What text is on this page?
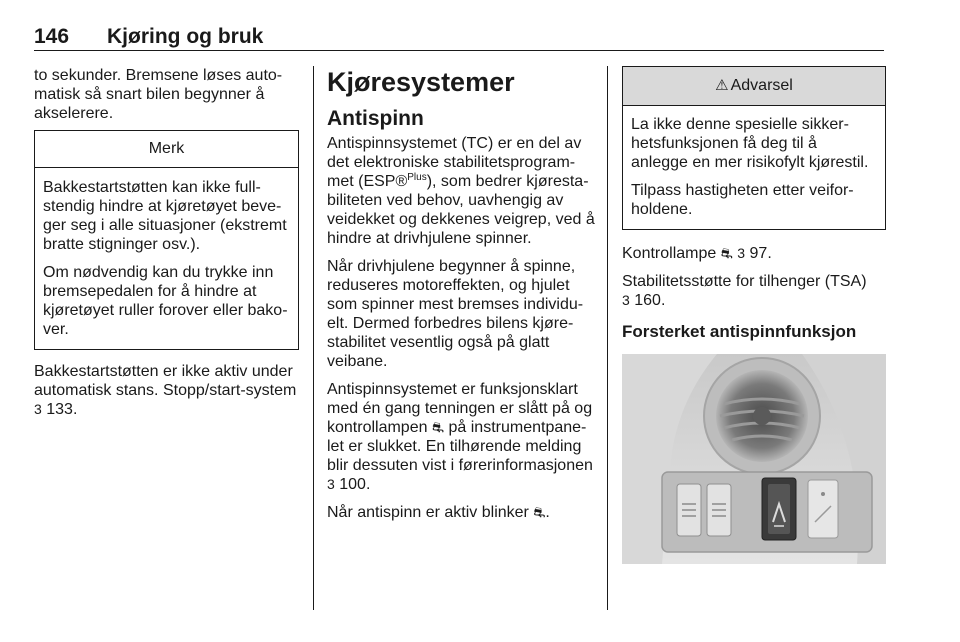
146 Kjøring og bruk

to sekunder. Bremsene løses auto-
matisk så snart bilen begynner å
akselerere.

Merk

Bakkestartstøtten kan ikke full-
stendig hindre at kjøretøyet beve-
ger seg i alle situasjoner (ekstremt
bratte stigninger osv.).

Om nødvendig kan du trykke inn
bremsepedalen for å hindre at
kjøretøyet ruller forover eller bako-
ver.

Bakkestartstøtten er ikke aktiv under
automatisk stans. Stopp/start-system
3 133.

Kjøresystemer
Antispinn

Antispinnsystemet (TC) er en del av
det elektroniske stabilitetsprogram-
met (ESP®$^{Plus}$), som bedrer kjøresta-
biliteten ved behov, uavhengig av
veidekket og dekkenes veigrep, ved å
hindre at drivhjulene spinner.

Når drivhjulene begynner å spinne,
reduseres motoreffekten, og hjulet
som spinner mest bremses individu-
elt. Dermed forbedres bilens kjøre-
stabilitet vesentlig også på glatt
veibane.

Antispinnsystemet er funksjonsklart
med én gang tenningen er slått på og
kontrollampen ⛐ på instrumentpane-
let er slukket. En tilhørende melding
blir dessuten vist i førerinformasjonen
3 100.

Når antispinn er aktiv blinker ⛐.

⚠ Advarsel

La ikke denne spesielle sikker-
hetsfunksjonen få deg til å
anlegge en mer risikofylt kjørestil.

Tilpass hastigheten etter veifor-
holdene.

Kontrollampe ⛐ 3 97.

Stabilitetsstøtte for tilhenger (TSA)
3 160.

Forsterket antispinnfunksjon
